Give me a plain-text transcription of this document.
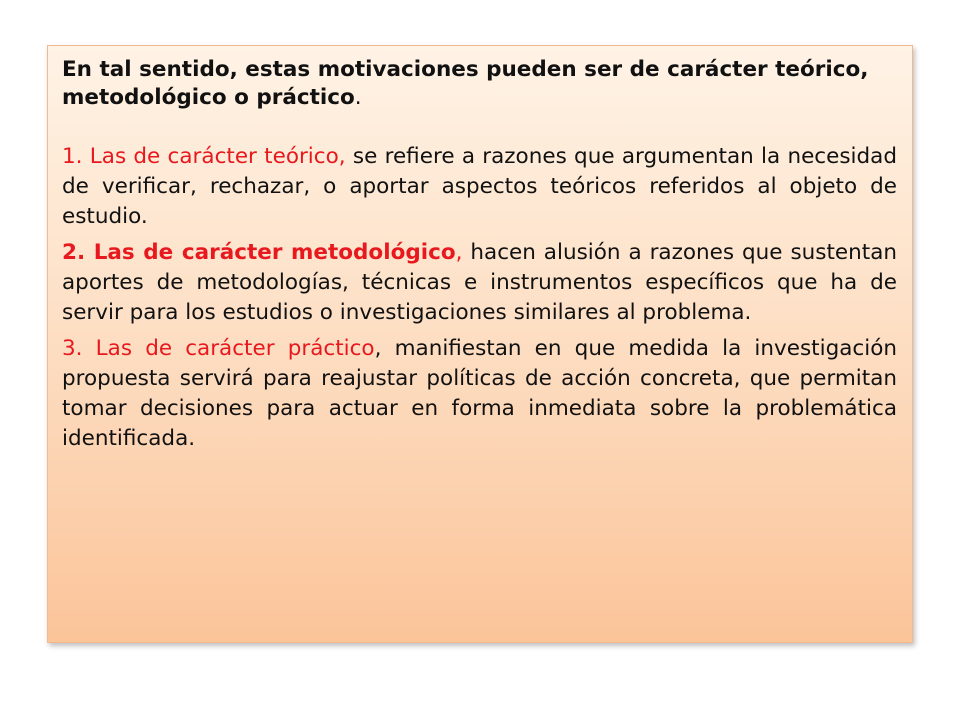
En tal sentido, estas motivaciones pueden ser de carácter teórico, metodológico o práctico.

1. Las de carácter teórico, se refiere a razones que argumentan la necesidad de verificar, rechazar, o aportar aspectos teóricos referidos al objeto de estudio.

2. Las de carácter metodológico, hacen alusión a razones que sustentan aportes de metodologías, técnicas e instrumentos específicos que ha de servir para los estudios o investigaciones similares al problema.

3. Las de carácter práctico, manifiestan en que medida la investigación propuesta servirá para reajustar políticas de acción concreta, que permitan tomar decisiones para actuar en forma inmediata sobre la problemática identificada.
